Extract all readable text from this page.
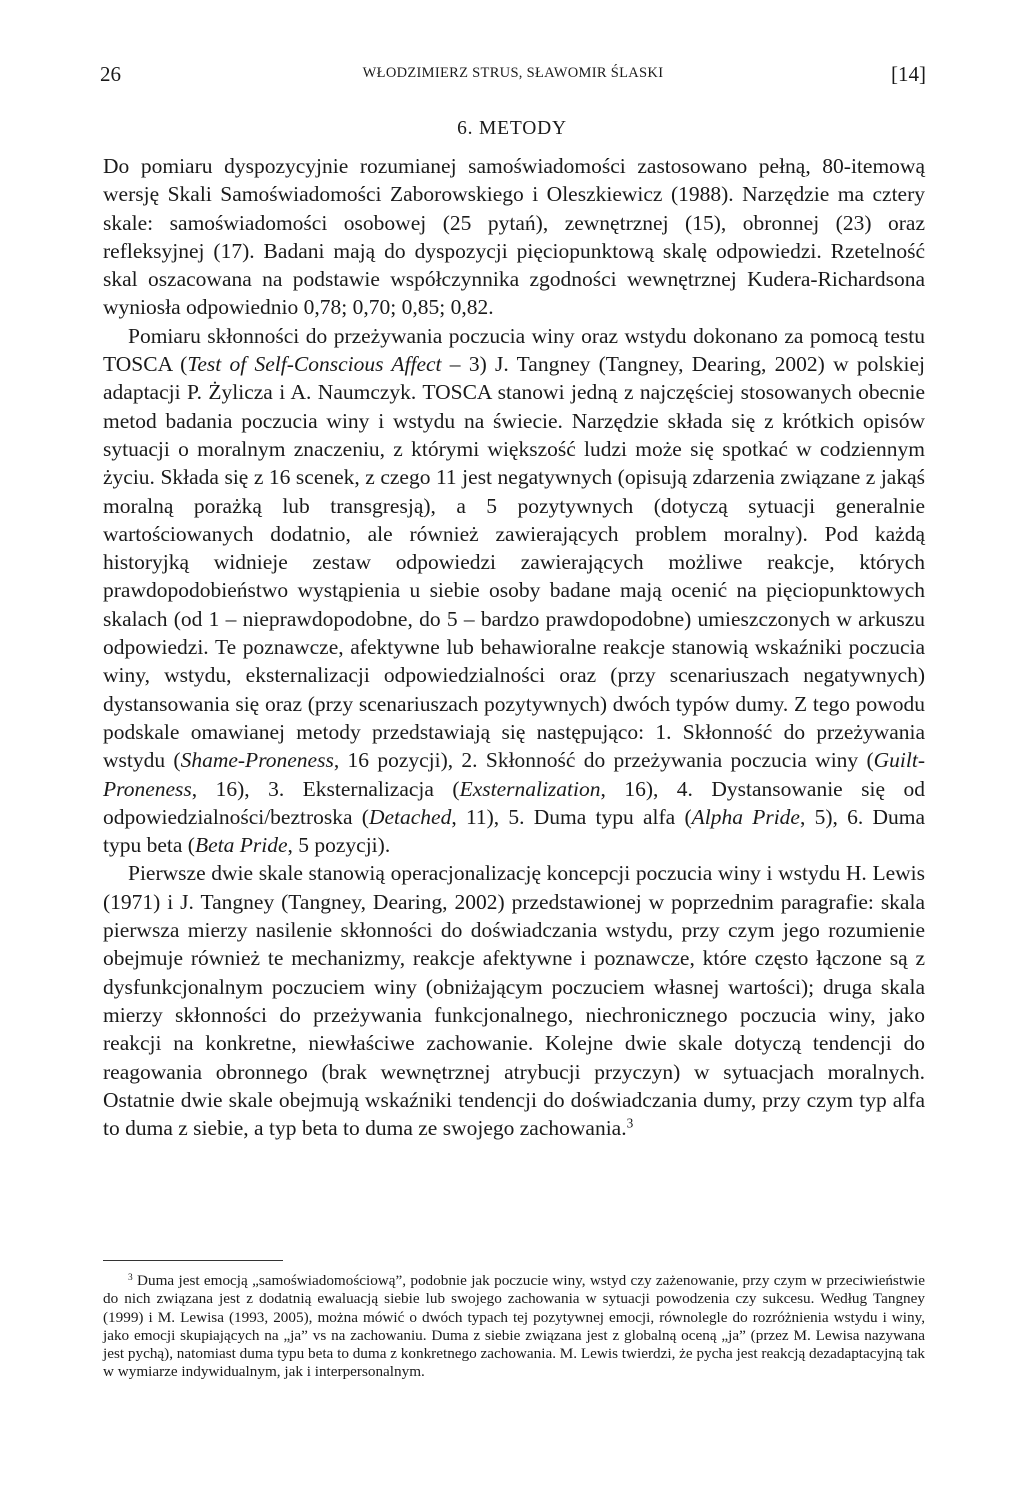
26	WŁODZIMIERZ STRUS, SŁAWOMIR ŚLASKI	[14]
6. METODY

Do pomiaru dyspozycyjnie rozumianej samoświadomości zastosowano pełną, 80-itemową wersję Skali Samoświadomości Zaborowskiego i Oleszkiewicz (1988). Narzędzie ma cztery skale: samoświadomości osobowej (25 pytań), zewnętrznej (15), obronnej (23) oraz refleksyjnej (17). Badani mają do dyspozycji pięciopunktową skalę odpowiedzi. Rzetelność skal oszacowana na podstawie współczynnika zgodności wewnętrznej Kudera-Richardsona wyniosła odpowiednio 0,78; 0,70; 0,85; 0,82.

Pomiaru skłonności do przeżywania poczucia winy oraz wstydu dokonano za pomocą testu TOSCA (Test of Self-Conscious Affect – 3) J. Tangney (Tangney, Dearing, 2002) w polskiej adaptacji P. Żylicza i A. Naumczyk. TOSCA stanowi jedną z najczęściej stosowanych obecnie metod badania poczucia winy i wstydu na świecie. Narzędzie składa się z krótkich opisów sytuacji o moralnym znaczeniu, z którymi większość ludzi może się spotkać w codziennym życiu. Składa się z 16 scenek, z czego 11 jest negatywnych (opisują zdarzenia związane z jakąś moralną porażką lub transgresją), a 5 pozytywnych (dotyczą sytuacji generalnie wartościowanych dodatnio, ale również zawierających problem moralny). Pod każdą historyjką widnieje zestaw odpowiedzi zawierających możliwe reakcje, których prawdopodobieństwo wystąpienia u siebie osoby badane mają ocenić na pięciopunktowych skalach (od 1 – nieprawdopodobne, do 5 – bardzo prawdopodobne) umieszczonych w arkuszu odpowiedzi. Te poznawcze, afektywne lub behawioralne reakcje stanowią wskaźniki poczucia winy, wstydu, eksternalizacji odpowiedzialności oraz (przy scenariuszach negatywnych) dystansowania się oraz (przy scenariuszach pozytywnych) dwóch typów dumy. Z tego powodu podskale omawianej metody przedstawiają się następująco: 1. Skłonność do przeżywania wstydu (Shame-Proneness, 16 pozycji), 2. Skłonność do przeżywania poczucia winy (Guilt-Proneness, 16), 3. Eksternalizacja (Exsternalization, 16), 4. Dystansowanie się od odpowiedzialności/beztroska (Detached, 11), 5. Duma typu alfa (Alpha Pride, 5), 6. Duma typu beta (Beta Pride, 5 pozycji).

Pierwsze dwie skale stanowią operacjonalizację koncepcji poczucia winy i wstydu H. Lewis (1971) i J. Tangney (Tangney, Dearing, 2002) przedstawionej w poprzednim paragrafie: skala pierwsza mierzy nasilenie skłonności do doświadczania wstydu, przy czym jego rozumienie obejmuje również te mechanizmy, reakcje afektywne i poznawcze, które często łączone są z dysfunkcjonalnym poczuciem winy (obniżającym poczuciem własnej wartości); druga skala mierzy skłonności do przeżywania funkcjonalnego, niechronicznego poczucia winy, jako reakcji na konkretne, niewłaściwe zachowanie. Kolejne dwie skale dotyczą tendencji do reagowania obronnego (brak wewnętrznej atrybucji przyczyn) w sytuacjach moralnych. Ostatnie dwie skale obejmują wskaźniki tendencji do doświadczania dumy, przy czym typ alfa to duma z siebie, a typ beta to duma ze swojego zachowania.$^3$

$^3$ Duma jest emocją „samoświadomościową”, podobnie jak poczucie winy, wstyd czy zażenowanie, przy czym w przeciwieństwie do nich związana jest z dodatnią ewaluacją siebie lub swojego zachowania w sytuacji powodzenia czy sukcesu. Według Tangney (1999) i M. Lewisa (1993, 2005), można mówić o dwóch typach tej pozytywnej emocji, równolegle do rozróżnienia wstydu i winy, jako emocji skupiających na „ja” vs na zachowaniu. Duma z siebie związana jest z globalną oceną „ja” (przez M. Lewisa nazywana jest pychą), natomiast duma typu beta to duma z konkretnego zachowania. M. Lewis twierdzi, że pycha jest reakcją dezadaptacyjną tak w wymiarze indywidualnym, jak i interpersonalnym.
